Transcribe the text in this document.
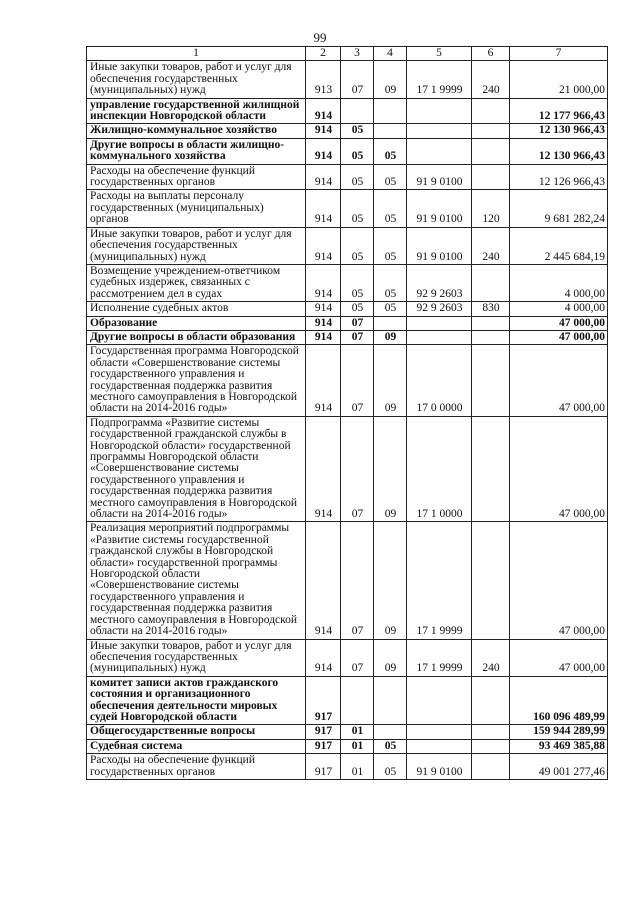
99
1	2	3	4	5	6	7
Иные закупки товаров, работ и услуг для обеспечения государственных (муниципальных) нужд	913	07	09	17 1 9999	240	21 000,00
управление государственной жилищной инспекции Новгородской области	914					12 177 966,43
Жилищно-коммунальное хозяйство	914	05				12 130 966,43
Другие вопросы в области жилищно-коммунального хозяйства	914	05	05			12 130 966,43
Расходы на обеспечение функций государственных органов	914	05	05	91 9 0100		12 126 966,43
Расходы на выплаты персоналу государственных (муниципальных) органов	914	05	05	91 9 0100	120	9 681 282,24
Иные закупки товаров, работ и услуг для обеспечения государственных (муниципальных) нужд	914	05	05	91 9 0100	240	2 445 684,19
Возмещение учреждением-ответчиком судебных издержек, связанных с рассмотрением дел в судах	914	05	05	92 9 2603		4 000,00
Исполнение судебных актов	914	05	05	92 9 2603	830	4 000,00
Образование	914	07				47 000,00
Другие вопросы в области образования	914	07	09			47 000,00
Государственная программа Новгородской области «Совершенствование системы государственного управления и государственная поддержка развития местного самоуправления в Новгородской области на 2014-2016 годы»	914	07	09	17 0 0000		47 000,00
Подпрограмма «Развитие системы государственной гражданской службы в Новгородской области» государственной программы Новгородской области «Совершенствование системы государственного управления и государственная поддержка развития местного самоуправления в Новгородской области на 2014-2016 годы»	914	07	09	17 1 0000		47 000,00
Реализация мероприятий подпрограммы «Развитие системы государственной гражданской службы в Новгородской области» государственной программы Новгородской области «Совершенствование системы государственного управления и государственная поддержка развития местного самоуправления в Новгородской области на 2014-2016 годы»	914	07	09	17 1 9999		47 000,00
Иные закупки товаров, работ и услуг для обеспечения государственных (муниципальных) нужд	914	07	09	17 1 9999	240	47 000,00
комитет записи актов гражданского состояния и организационного обеспечения деятельности мировых судей Новгородской области	917					160 096 489,99
Общегосударственные вопросы	917	01				159 944 289,99
Судебная система	917	01	05			93 469 385,88
Расходы на обеспечение функций государственных органов	917	01	05	91 9 0100		49 001 277,46
